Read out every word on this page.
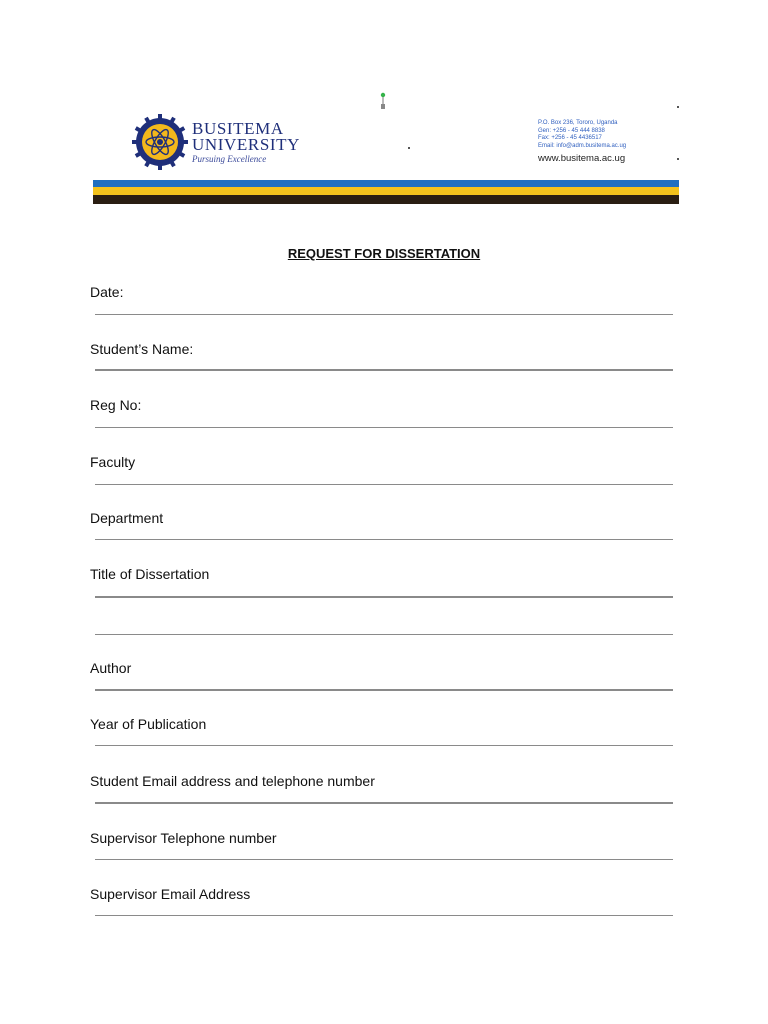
BUSITEMA
UNIVERSITY
Pursuing Excellence
P.O. Box 236, Tororo, Uganda
Gen: +256 - 45 444 8838
Fax: +256 - 45 4436517
Email: info@adm.busitema.ac.ug
www.busitema.ac.ug
REQUEST FOR DISSERTATION
Date:
Student’s Name:
Reg No:
Faculty
Department
Title of Dissertation
Author
Year of Publication
Student Email address and telephone number
Supervisor Telephone number
Supervisor Email Address
